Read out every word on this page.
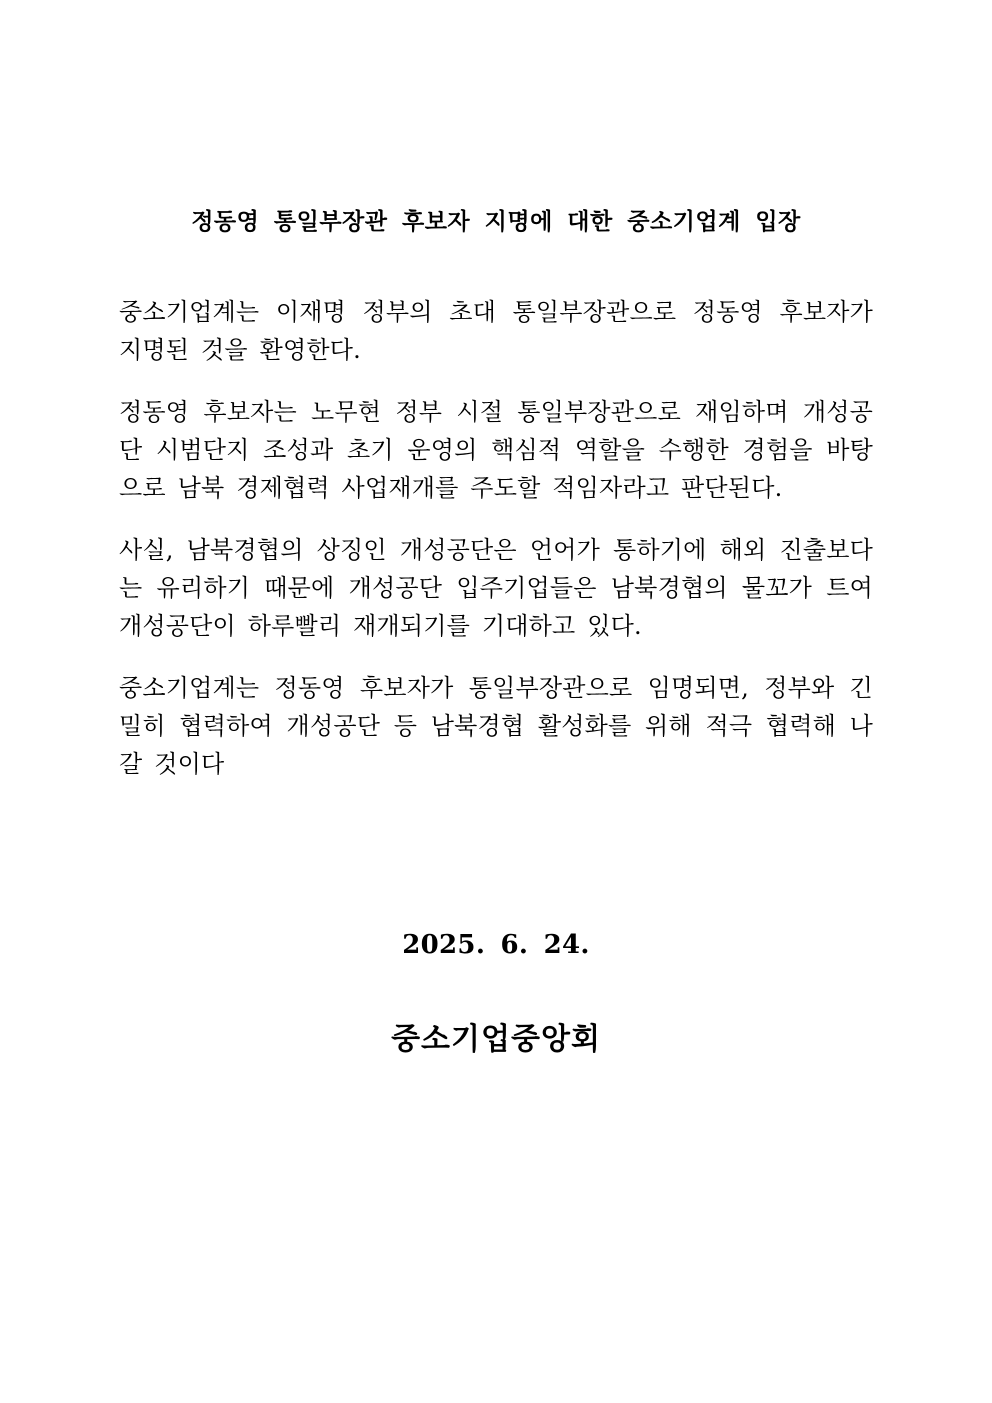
정동영 통일부장관 후보자 지명에 대한 중소기업계 입장

중소기업계는 이재명 정부의 초대 통일부장관으로 정동영 후보자가 지명된 것을 환영한다.

정동영 후보자는 노무현 정부 시절 통일부장관으로 재임하며 개성공단 시범단지 조성과 초기 운영의 핵심적 역할을 수행한 경험을 바탕으로 남북 경제협력 사업재개를 주도할 적임자라고 판단된다.

사실, 남북경협의 상징인 개성공단은 언어가 통하기에 해외 진출보다는 유리하기 때문에 개성공단 입주기업들은 남북경협의 물꼬가 트여 개성공단이 하루빨리 재개되기를 기대하고 있다.

중소기업계는 정동영 후보자가 통일부장관으로 임명되면, 정부와 긴밀히 협력하여 개성공단 등 남북경협 활성화를 위해 적극 협력해 나갈 것이다

2025. 6. 24.
중소기업중앙회
